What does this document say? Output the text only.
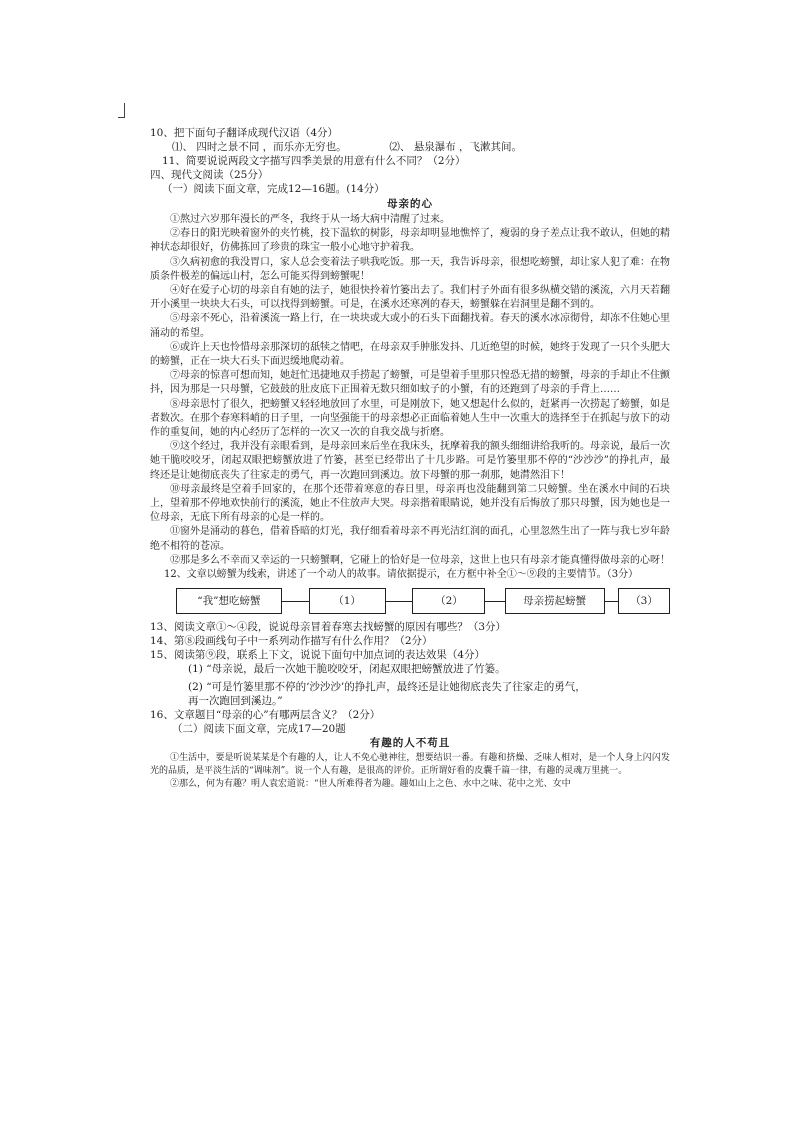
10、把下面句子翻译成现代汉语（4分）
⑴、 四时之景不同 ，而乐亦无穷也。	⑵、 悬泉瀑布 ，飞漱其间。
11、简要说说两段文字描写四季美景的用意有什么不同？（2分）
四、现代文阅读（25分）
（一）阅读下面文章，完成12—16题。(14分）
母亲的心
①熬过六岁那年漫长的严冬，我终于从一场大病中清醒了过来。
②春日的阳光映着窗外的夹竹桃，投下温软的树影，母亲却明显地憔悴了，瘦弱的身子差点让我不敢认，但她的精神状态却很好，仿佛拣回了珍贵的珠宝一般小心地守护着我。
③久病初愈的我没胃口，家人总会变着法子哄我吃饭。那一天，我告诉母亲，很想吃螃蟹，却让家人犯了难：在物质条件极差的偏远山村，怎么可能买得到螃蟹呢！
④好在爱子心切的母亲自有她的法子，她很快拎着竹篓出去了。我们村子外面有很多纵横交错的溪流，六月天若翻开小溪里一块块大石头，可以找得到螃蟹。可是，在溪水还寒冽的春天，螃蟹躲在岩洞里是翻不到的。
⑤母亲不死心，沿着溪流一路上行，在一块块或大或小的石头下面翻找着。春天的溪水冰凉彻骨，却冻不住她心里涌动的希望。
⑥或许上天也怜惜母亲那深切的舐犊之情吧，在母亲双手肿胀发抖、几近绝望的时候，她终于发现了一只个头肥大的螃蟹，正在一块大石头下面迟缓地爬动着。
⑦母亲的惊喜可想而知，她赶忙迅捷地双手捞起了螃蟹，可是望着手里那只惶恐无措的螃蟹，母亲的手却止不住颤抖，因为那是一只母蟹，它鼓鼓的肚皮底下正围着无数只细如蚊子的小蟹，有的还跑到了母亲的手背上……
⑧母亲思忖了很久，把螃蟹又轻轻地放回了水里，可是刚放下，她又想起什么似的，赶紧再一次捞起了螃蟹，如是者数次。在那个春寒料峭的日子里，一向坚强能干的母亲想必正面临着她人生中一次重大的选择至于在抓起与放下的动作的重复间，她的内心经历了怎样的一次又一次的自我交战与折磨。
⑨这个经过，我并没有亲眼看到，是母亲回来后坐在我床头，抚摩着我的额头细细讲给我听的。母亲说，最后一次她干脆咬咬牙，闭起双眼把螃蟹放进了竹篓，甚至已经带出了十几步路。可是竹篓里那不停的“沙沙沙”的挣扎声，最终还是让她彻底丧失了往家走的勇气，再一次跑回到溪边。放下母蟹的那一刹那，她潸然泪下！
⑩母亲最终是空着手回家的，在那个还带着寒意的春日里，母亲再也没能翻到第二只螃蟹。坐在溪水中间的石块上，望着那不停地欢快前行的溪流，她止不住放声大哭。母亲揩着眼睛说，她并没有后悔放了那只母蟹，因为她也是一位母亲，无底下所有母亲的心是一样的。
⑪窗外是涌动的暮色，借着昏暗的灯光，我仔细看着母亲不再光洁红润的面孔，心里忽然生出了一阵与我七岁年龄绝不相符的苍凉。
⑫那是多么不幸而又幸运的一只螃蟹啊，它碰上的恰好是一位母亲，这世上也只有母亲才能真懂得做母亲的心呀！
12、文章以螃蟹为线索，讲述了一个动人的故事。请依据提示，在方框中补全①～⑨段的主要情节。（3分）
“我”想吃螃蟹	（1）	（2）	母亲捞起螃蟹	（3）
13、阅读文章①～④段，说说母亲冒着春寒去找螃蟹的原因有哪些？（3分）
14、第⑧段画线句子中一系列动作描写有什么作用？（2分）
15、阅读第⑨段，联系上下文，说说下面句中加点词的表达效果（4分）
(1) “母亲说，最后一次她干脆咬咬牙，闭起双眼把螃蟹放进了竹篓。
(2) “可是竹篓里那不停的‘沙沙沙’的挣扎声，最终还是让她彻底丧失了往家走的勇气，
再一次跑回到溪边。”
16、文章题目“母亲的心”有哪两层含义？（2分）
（二）阅读下面文章，完成17—20题
有趣的人不苟且
①生活中，要是听说某某是个有趣的人，让人不免心驰神往，想要结识一番。有趣和挤燥、乏味人相对，是一个人身上闪闪发光的品质，是平淡生活的“调味剂”。说一个人有趣，是很高的评价。正所谓好看的皮囊千篇一律，有趣的灵魂万里挑一。
②那么，何为有趣？明人袁宏道说：“世人所难得者为趣。趣如山上之色、水中之味、花中之光、女中
